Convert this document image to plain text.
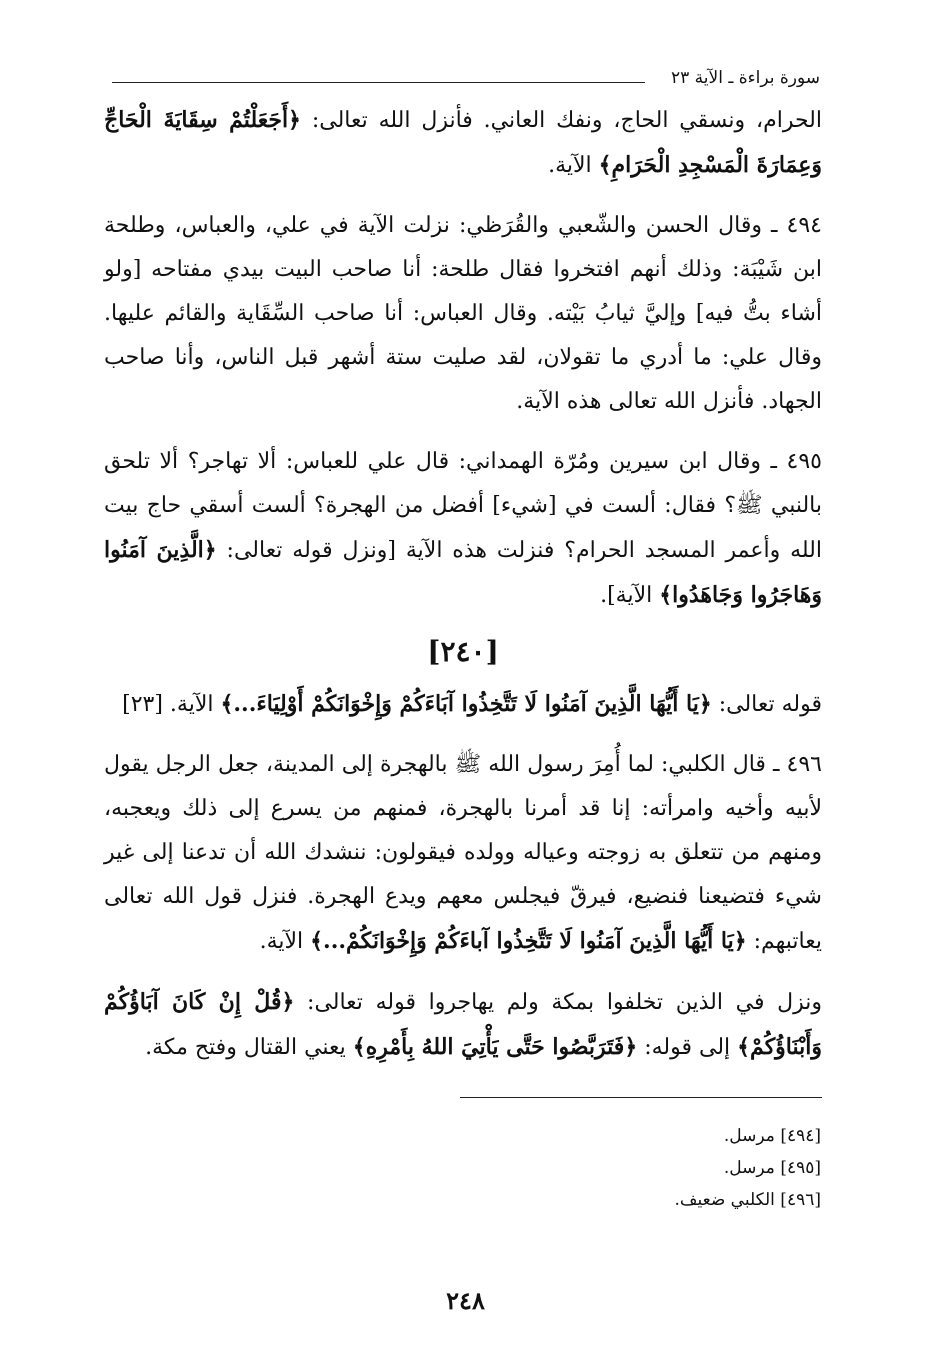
سورة براءة ـ الآية ٢٣

الحرام، ونسقي الحاج، ونفك العاني. فأنزل الله تعالى: ﴿أَجَعَلْتُمْ سِقَايَةَ الْحَاجِّ وَعِمَارَةَ الْمَسْجِدِ الْحَرَامِ﴾ الآية.

٤٩٤ ـ وقال الحسن والشّعبي والقُرَظي: نزلت الآية في علي، والعباس، وطلحة ابن شَيْبَة: وذلك أنهم افتخروا فقال طلحة: أنا صاحب البيت بيدي مفتاحه [ولو أشاء بتُّ فيه] وإليَّ ثيابُ بَيْته. وقال العباس: أنا صاحب السِّقَاية والقائم عليها. وقال علي: ما أدري ما تقولان، لقد صليت ستة أشهر قبل الناس، وأنا صاحب الجهاد. فأنزل الله تعالى هذه الآية.

٤٩٥ ـ وقال ابن سيرين ومُرّة الهمداني: قال علي للعباس: ألا تهاجر؟ ألا تلحق بالنبي ﷺ؟ فقال: ألست في [شيء] أفضل من الهجرة؟ ألست أسقي حاج بيت الله وأعمر المسجد الحرام؟ فنزلت هذه الآية [ونزل قوله تعالى: ﴿الَّذِينَ آمَنُوا وَهَاجَرُوا وَجَاهَدُوا﴾ الآية].

[٢٤٠]

قوله تعالى: ﴿يَا أَيُّهَا الَّذِينَ آمَنُوا لَا تَتَّخِذُوا آبَاءَكُمْ وَإِخْوَانَكُمْ أَوْلِيَاءَ...﴾ الآية. [٢٣]

٤٩٦ ـ قال الكلبي: لما أُمِرَ رسول الله ﷺ بالهجرة إلى المدينة، جعل الرجل يقول لأبيه وأخيه وامرأته: إنا قد أمرنا بالهجرة، فمنهم من يسرع إلى ذلك ويعجبه، ومنهم من تتعلق به زوجته وعياله وولده فيقولون: ننشدك الله أن تدعنا إلى غير شيء فتضيعنا فنضيع، فيرقّ فيجلس معهم ويدع الهجرة. فنزل قول الله تعالى يعاتبهم: ﴿يَا أَيُّهَا الَّذِينَ آمَنُوا لَا تَتَّخِذُوا آباءَكُمْ وَإِخْوَانَكُمْ...﴾ الآية.

ونزل في الذين تخلفوا بمكة ولم يهاجروا قوله تعالى: ﴿قُلْ إِنْ كَانَ آبَاؤُكُمْ وَأَبْنَاؤُكُمْ﴾ إلى قوله: ﴿فَتَرَبَّصُوا حَتَّى يَأْتِيَ اللهُ بِأَمْرِهِ﴾ يعني القتال وفتح مكة.

[٤٩٤] مرسل.

[٤٩٥] مرسل.

[٤٩٦] الكلبي ضعيف.

٢٤٨
